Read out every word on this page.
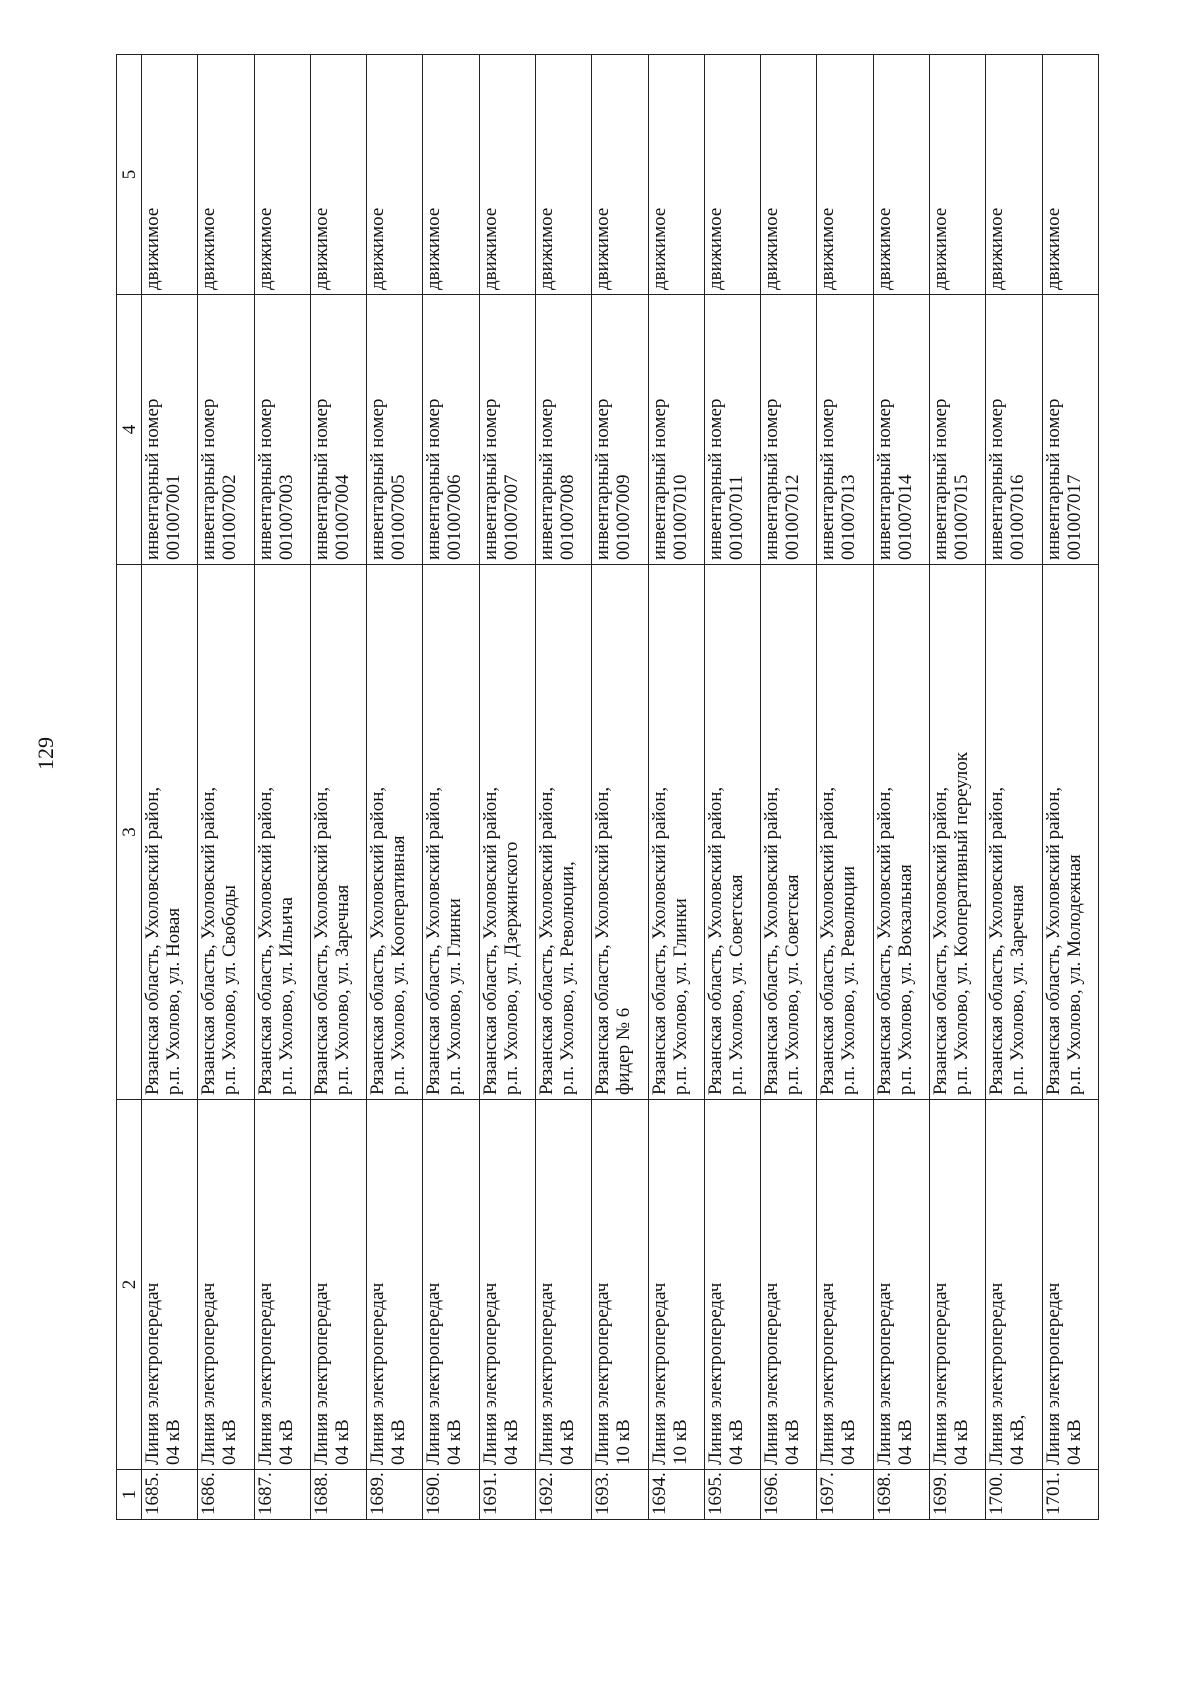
129
1	2	3	4	5
1685.	Линия электропередач 04 кВ	Рязанская область, Ухоловский район, р.п. Ухолово, ул. Новая	инвентарный номер 001007001	движимое
1686.	Линия электропередач 04 кВ	Рязанская область, Ухоловский район, р.п. Ухолово, ул. Свободы	инвентарный номер 001007002	движимое
1687.	Линия электропередач 04 кВ	Рязанская область, Ухоловский район, р.п. Ухолово, ул. Ильича	инвентарный номер 001007003	движимое
1688.	Линия электропередач 04 кВ	Рязанская область, Ухоловский район, р.п. Ухолово, ул. Заречная	инвентарный номер 001007004	движимое
1689.	Линия электропередач 04 кВ	Рязанская область, Ухоловский район, р.п. Ухолово, ул. Кооперативная	инвентарный номер 001007005	движимое
1690.	Линия электропередач 04 кВ	Рязанская область, Ухоловский район, р.п. Ухолово, ул. Глинки	инвентарный номер 001007006	движимое
1691.	Линия электропередач 04 кВ	Рязанская область, Ухоловский район, р.п. Ухолово, ул. Дзержинского	инвентарный номер 001007007	движимое
1692.	Линия электропередач 04 кВ	Рязанская область, Ухоловский район, р.п. Ухолово, ул. Революции,	инвентарный номер 001007008	движимое
1693.	Линия электропередач 10 кВ	Рязанская область, Ухоловский район, фидер № 6	инвентарный номер 001007009	движимое
1694.	Линия электропередач 10 кВ	Рязанская область, Ухоловский район, р.п. Ухолово, ул. Глинки	инвентарный номер 001007010	движимое
1695.	Линия электропередач 04 кВ	Рязанская область, Ухоловский район, р.п. Ухолово, ул. Советская	инвентарный номер 001007011	движимое
1696.	Линия электропередач 04 кВ	Рязанская область, Ухоловский район, р.п. Ухолово, ул. Советская	инвентарный номер 001007012	движимое
1697.	Линия электропередач 04 кВ	Рязанская область, Ухоловский район, р.п. Ухолово, ул. Революции	инвентарный номер 001007013	движимое
1698.	Линия электропередач 04 кВ	Рязанская область, Ухоловский район, р.п. Ухолово, ул. Вокзальная	инвентарный номер 001007014	движимое
1699.	Линия электропередач 04 кВ	Рязанская область, Ухоловский район, р.п. Ухолово, ул. Кооперативный переулок	инвентарный номер 001007015	движимое
1700.	Линия электропередач 04 кВ,	Рязанская область, Ухоловский район, р.п. Ухолово, ул. Заречная	инвентарный номер 001007016	движимое
1701.	Линия электропередач 04 кВ	Рязанская область, Ухоловский район, р.п. Ухолово, ул. Молодежная	инвентарный номер 001007017	движимое
